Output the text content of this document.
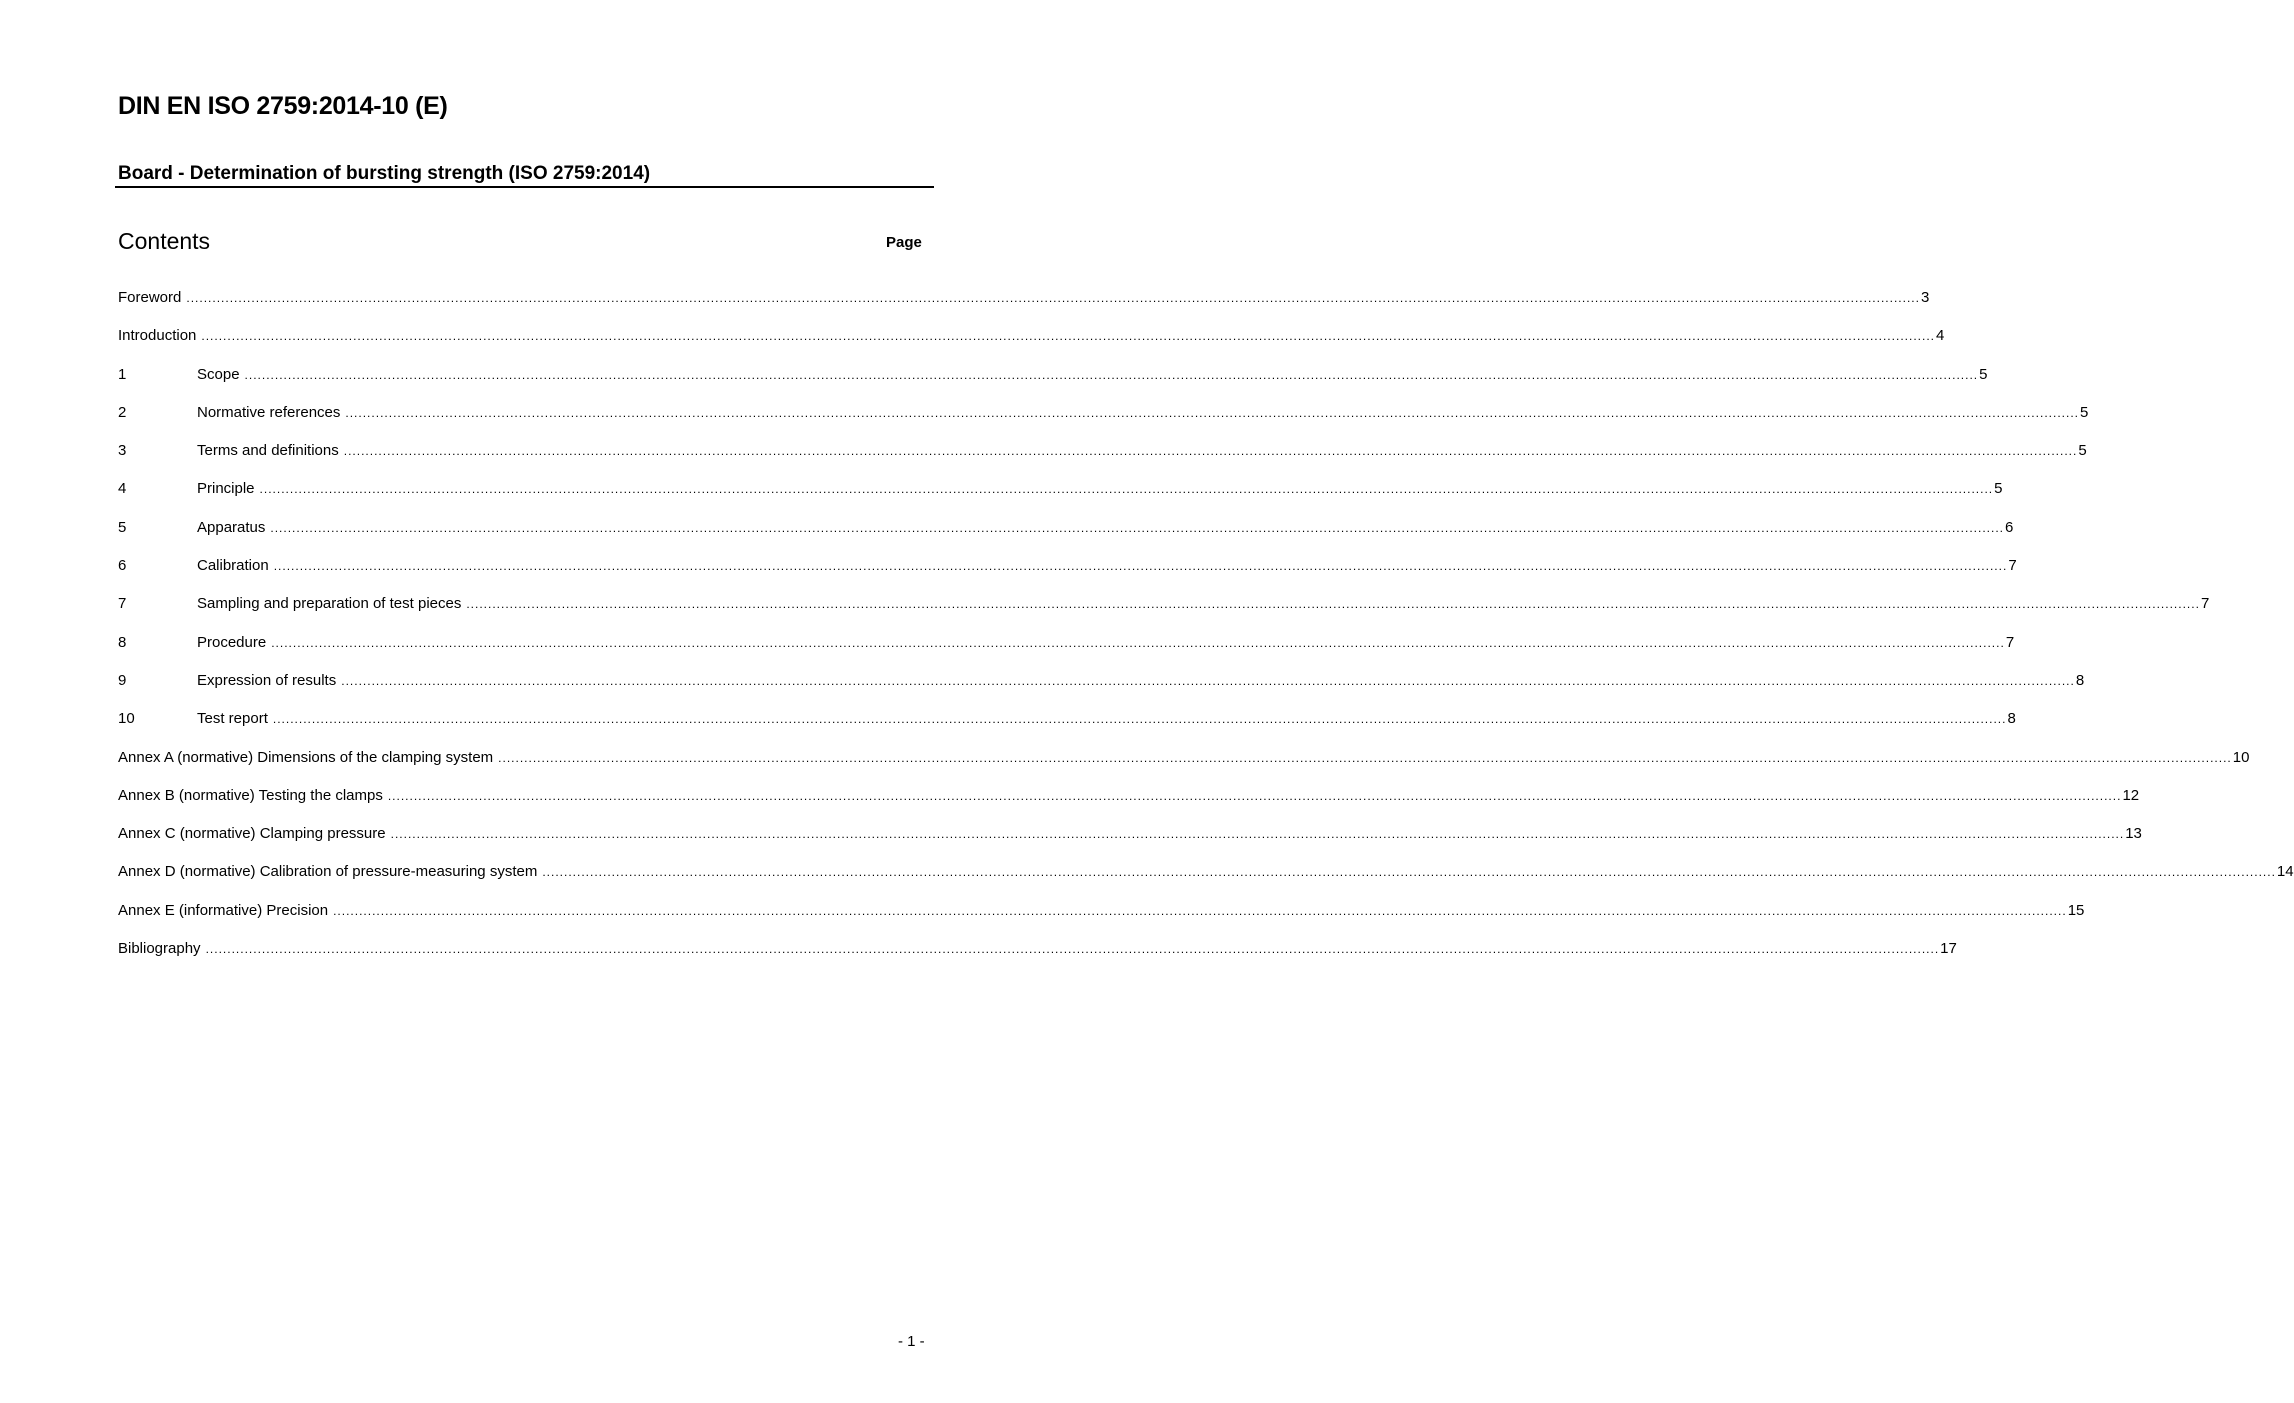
DIN EN ISO 2759:2014-10 (E)
Board - Determination of bursting strength (ISO 2759:2014)
Contents	Page
Foreword ................................................................................................................................................................................................................................................................................................................................................................................................................ 3
Introduction ................................................................................................................................................................................................................................................................................................................................................................................................................ 4
1	Scope ................................................................................................................................................................................................................................................................................................................................................................................................................ 5
2	Normative references ................................................................................................................................................................................................................................................................................................................................................................................................................ 5
3	Terms and definitions ................................................................................................................................................................................................................................................................................................................................................................................................................ 5
4	Principle ................................................................................................................................................................................................................................................................................................................................................................................................................ 5
5	Apparatus ................................................................................................................................................................................................................................................................................................................................................................................................................ 6
6	Calibration ................................................................................................................................................................................................................................................................................................................................................................................................................ 7
7	Sampling and preparation of test pieces ................................................................................................................................................................................................................................................................................................................................................................................................................ 7
8	Procedure ................................................................................................................................................................................................................................................................................................................................................................................................................ 7
9	Expression of results ................................................................................................................................................................................................................................................................................................................................................................................................................ 8
10	Test report ................................................................................................................................................................................................................................................................................................................................................................................................................ 8
Annex A (normative) Dimensions of the clamping system ................................................................................................................................................................................................................................................................................................................................................................................................................ 10
Annex B (normative) Testing the clamps ................................................................................................................................................................................................................................................................................................................................................................................................................ 12
Annex C (normative) Clamping pressure ................................................................................................................................................................................................................................................................................................................................................................................................................ 13
Annex D (normative) Calibration of pressure-measuring system ................................................................................................................................................................................................................................................................................................................................................................................................................ 14
Annex E (informative) Precision ................................................................................................................................................................................................................................................................................................................................................................................................................ 15
Bibliography ................................................................................................................................................................................................................................................................................................................................................................................................................ 17
- 1 -
